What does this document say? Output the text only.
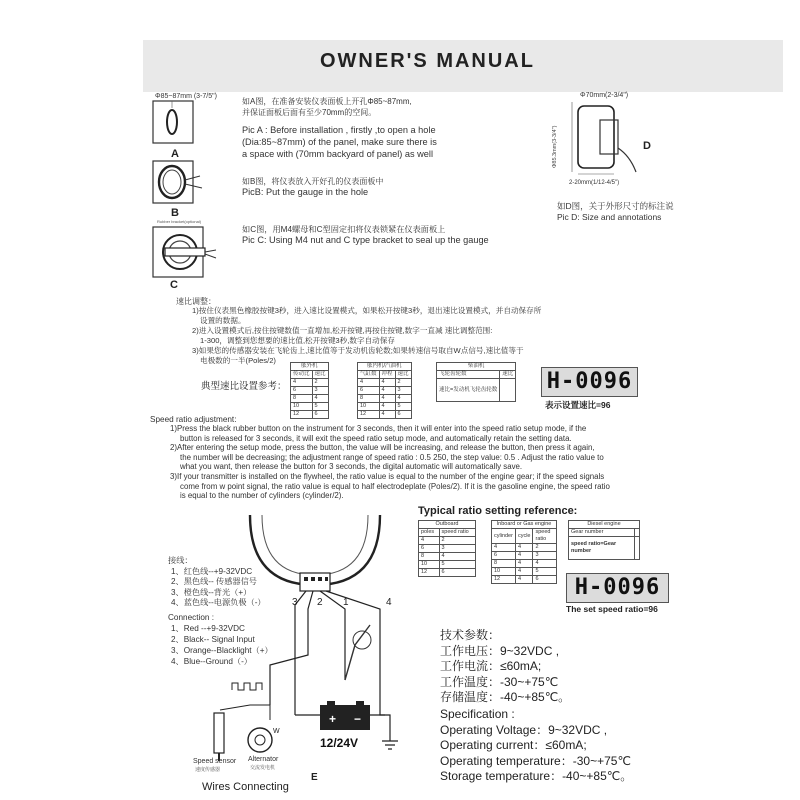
OWNER'S MANUAL
Φ85~87mm (3-7/5")
A
如A图，在准备安装仪表面板上开孔Φ85~87mm,
并保证面板后面有至少70mm的空间。
Pic A : Before installation , firstly ,to open a hole
(Dia:85~87mm) of the panel, make sure there is
a space with (70mm backyard of panel) as well
B
如B图，将仪表放入开好孔的仪表面板中
PicB: Put the gauge in the hole
Rubber bracket(optional)
C
如C图，用M4螺母和C型固定扣将仪表锁紧在仪表面板上
Pic C: Using M4 nut and C type bracket to seal up the gauge
Φ70mm(2-3/4")
Φ85.3mm(3-3/4")	D
2-20mm(1/12-4/5")
如D图，关于外形尺寸的标注说
Pic D: Size and annotations
速比调整：
1)按住仪表黑色橡胶按键3秒，进入速比设置模式，如果松开按键3秒，退出速比设置模式，并自动保存所
设置的数据。
2)进入设置模式后,按住按键数值一直增加,松开按键,再按住按键,数字一直减 速比调整范围:
1-300，调整到您想要的速比值,松开按键3秒,数字自动保存
3)如果您的传感器安装在飞轮齿上,速比值等于发动机齿轮数;如果转速信号取自W点信号,速比值等于
电极数的一半(Poles/2)
典型速比设置参考：
舷外机	
传动比	速比
4	2
6	3
8	4
10	5
12	6
舷内机/汽油机		
气缸数	冲程	速比
4	4	2
6	4	3
8	4	4
10	4	5
12	4	6
柴油机	
飞轮齿轮数	速比
速比=发动机飞轮齿轮数	H-0096
表示设置速比=96
Speed ratio adjustment:
1)Press the black rubber button on the instrument for 3 seconds, then it will enter into the speed ratio setup mode, if the
button is released for 3 seconds, it will exit the speed ratio setup mode, and automatically retain the setting data.
2)After entering the setup mode, press the button, the value will be increasing, and release the button, then press it again,
the number will be decreasing; the adjustment range of speed ratio : 0.5 250, the step value: 0.5 . Adjust the ratio value to
what you want, then release the button for 3 seconds, the digital automatic will automatically save.
3)If your transmitter is installed on the flywheel, the ratio value is equal to the number of the engine gear; if the speed signals
come from w point signal, the ratio value is equal to half electrodeplate (Poles/2). If it is the gasoline engine, the speed ratio
is equal to the number of cylinders (cylinder/2).
Typical ratio setting reference:
Outboard	
poles	speed ratio
4	2
6	3
8	4
10	5
12	6
Inboard or Gas engine		
cylinder	cycle	speed ratio
4	4	2
6	4	3
8	4	4
10	4	5
12	4	6
Diesel engine	
Gear number	
speed ratio=Gear number	
H-0096
The set speed ratio=96
接线：
1、红色线--+9-32VDC
2、黑色线-- 传感器信号
3、橙色线--背光（+）
4、蓝色线--电源负极（-）
Connection :
1、Red --+9-32VDC
2、Black-- Signal Input
3、Orange--Blacklight（+）
4、Blue--Ground（-）
3 2 1	4
+ −
12/24V
W
Speed sensor
速度传感器
Alternator
交流发电机
E
Wires Connecting
技术参数：
工作电压：9~32VDC ,
工作电流：≤60mA;
工作温度：-30~+75℃
存储温度：-40~+85℃。
Specification :
Operating Voltage：9~32VDC ,
Operating current：≤60mA;
Operating temperature：-30~+75℃
Storage temperature：-40~+85℃。
